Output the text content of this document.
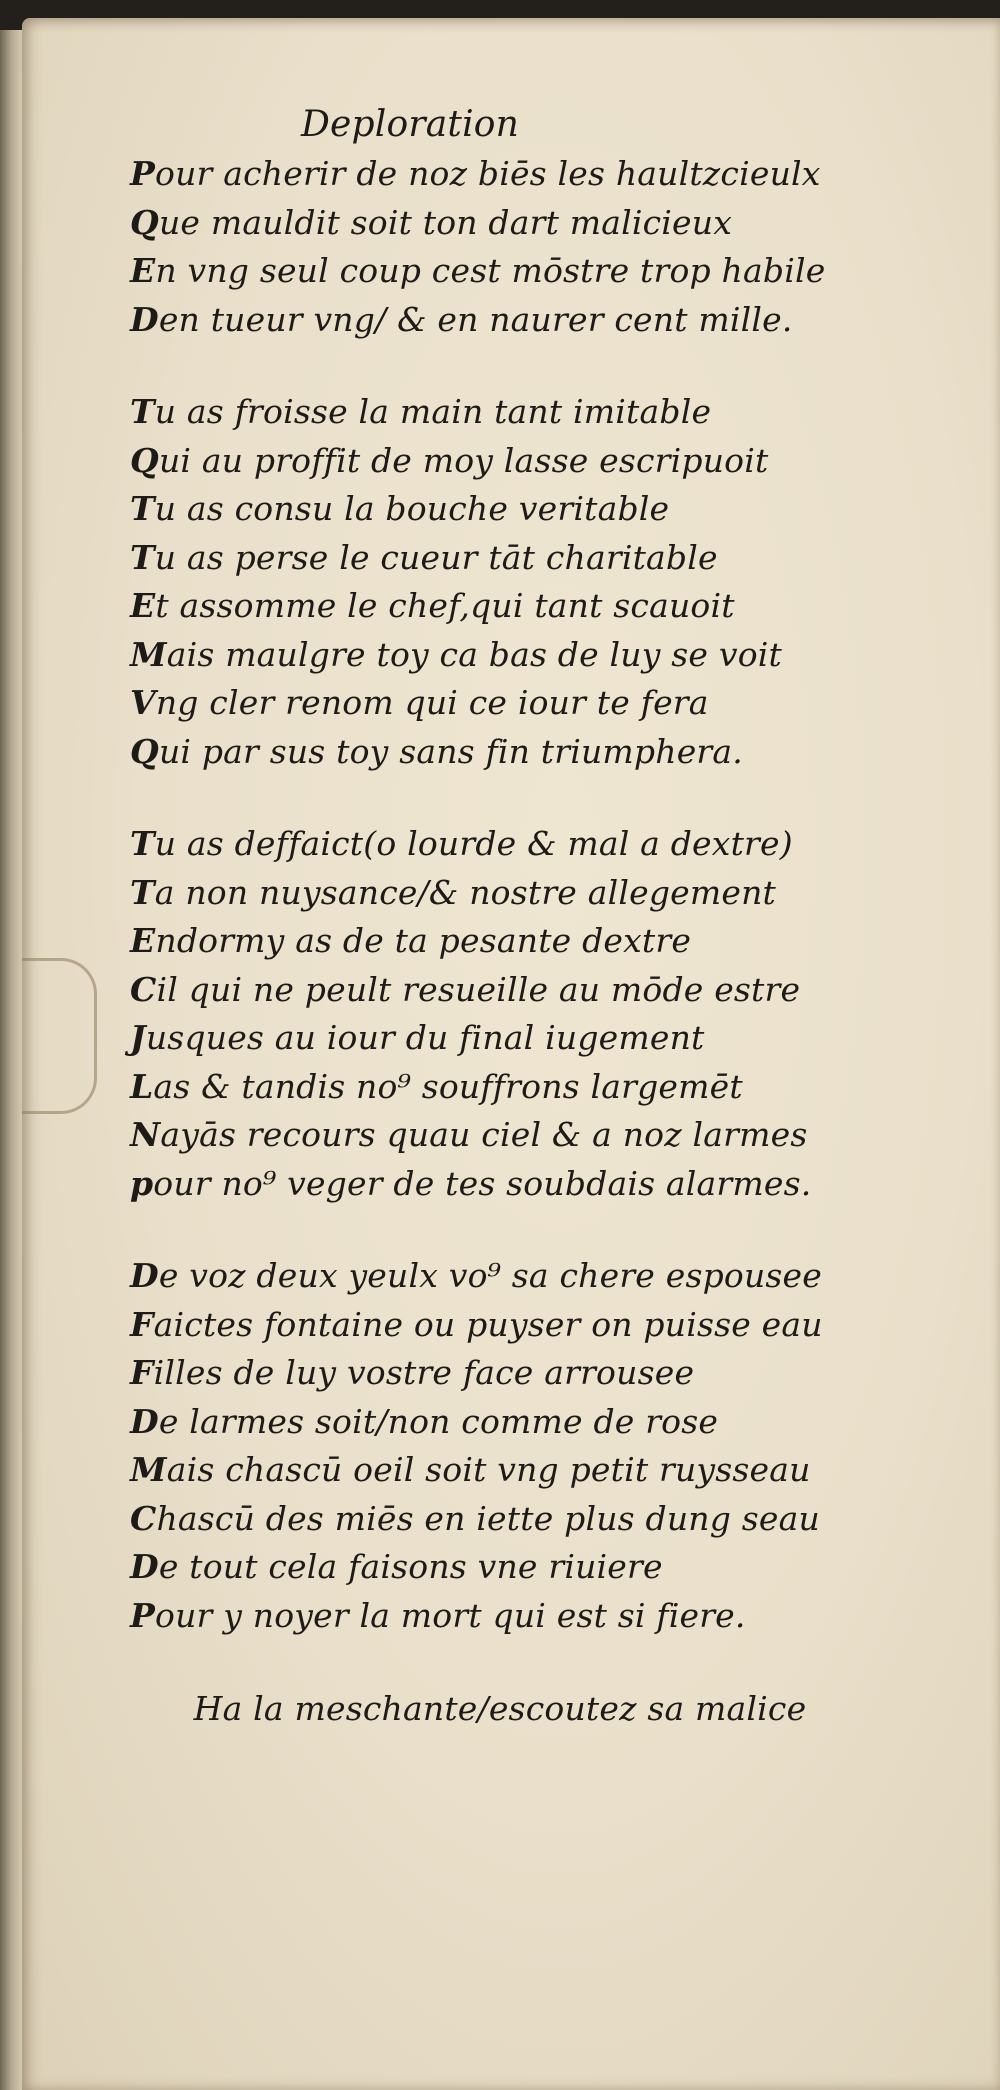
Deploration
Pour acherir de noz biēs les haultzcieulx
Que mauldit soit ton dart malicieux
En vng seul coup cest mōstre trop habile
Den tueur vng/ & en naurer cent mille.
Tu as froisse la main tant imitable
Qui au proffit de moy lasse escripuoit
Tu as consu la bouche veritable
Tu as perse le cueur tāt charitable
Et assomme le chef,qui tant scauoit
Mais maulgre toy ca bas de luy se voit
Vng cler renom qui ce iour te fera
Qui par sus toy sans fin triumphera.
Tu as deffaict(o lourde & mal a dextre)
Ta non nuysance/& nostre allegement
Endormy as de ta pesante dextre
Cil qui ne peult resueille au mōde estre
Jusques au iour du final iugement
Las & tandis no⁹ souffrons largemēt
Nayās recours quau ciel & a noz larmes
pour no⁹ veger de tes soubdais alarmes.
De voz deux yeulx vo⁹ sa chere espousee
Faictes fontaine ou puyser on puisse eau
Filles de luy vostre face arrousee
De larmes soit/non comme de rose
Mais chascū oeil soit vng petit ruysseau
Chascū des miēs en iette plus dung seau
De tout cela faisons vne riuiere
Pour y noyer la mort qui est si fiere.
Ha la meschante/escoutez sa malice
